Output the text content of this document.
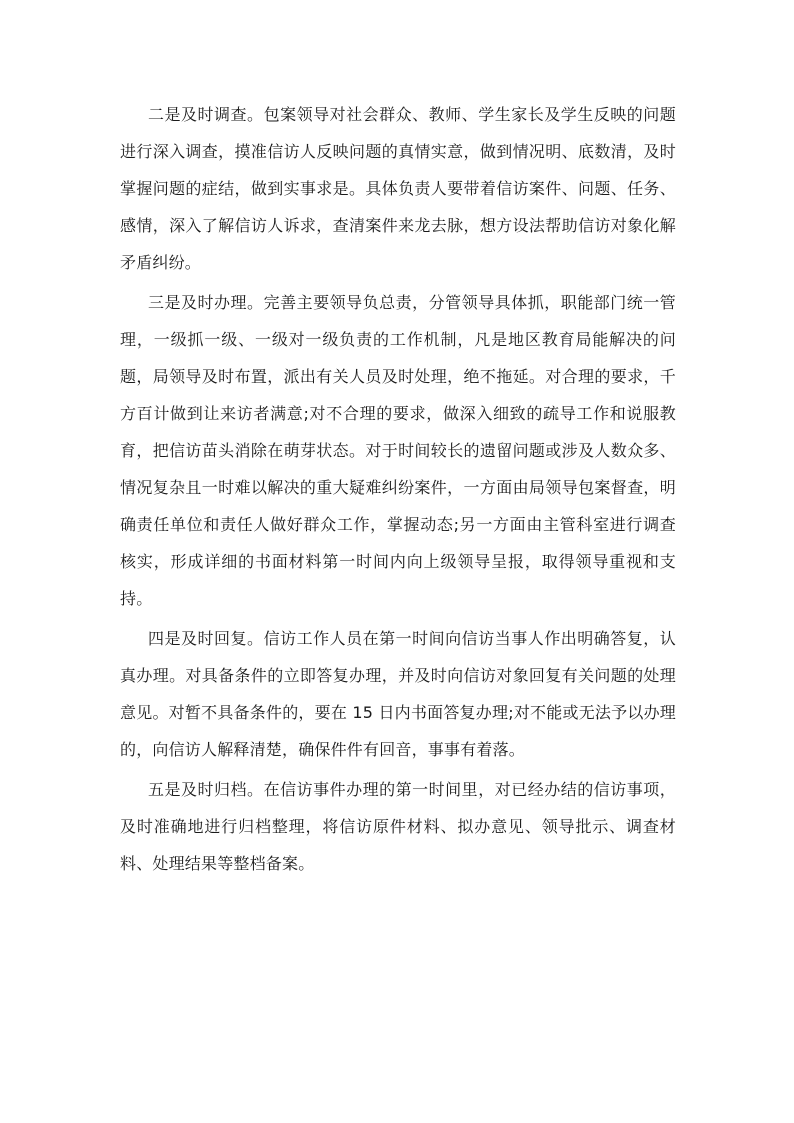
二是及时调查。包案领导对社会群众、教师、学生家长及学生反映的问题进行深入调查，摸准信访人反映问题的真情实意，做到情况明、底数清，及时掌握问题的症结，做到实事求是。具体负责人要带着信访案件、问题、任务、感情，深入了解信访人诉求，查清案件来龙去脉，想方设法帮助信访对象化解矛盾纠纷。

三是及时办理。完善主要领导负总责，分管领导具体抓，职能部门统一管理，一级抓一级、一级对一级负责的工作机制，凡是地区教育局能解决的问题，局领导及时布置，派出有关人员及时处理，绝不拖延。对合理的要求，千方百计做到让来访者满意;对不合理的要求，做深入细致的疏导工作和说服教育，把信访苗头消除在萌芽状态。对于时间较长的遗留问题或涉及人数众多、情况复杂且一时难以解决的重大疑难纠纷案件，一方面由局领导包案督查，明确责任单位和责任人做好群众工作，掌握动态;另一方面由主管科室进行调查核实，形成详细的书面材料第一时间内向上级领导呈报，取得领导重视和支持。

四是及时回复。信访工作人员在第一时间向信访当事人作出明确答复，认真办理。对具备条件的立即答复办理，并及时向信访对象回复有关问题的处理意见。对暂不具备条件的，要在 15 日内书面答复办理;对不能或无法予以办理的，向信访人解释清楚，确保件件有回音，事事有着落。

五是及时归档。在信访事件办理的第一时间里，对已经办结的信访事项，及时准确地进行归档整理，将信访原件材料、拟办意见、领导批示、调查材料、处理结果等整档备案。
